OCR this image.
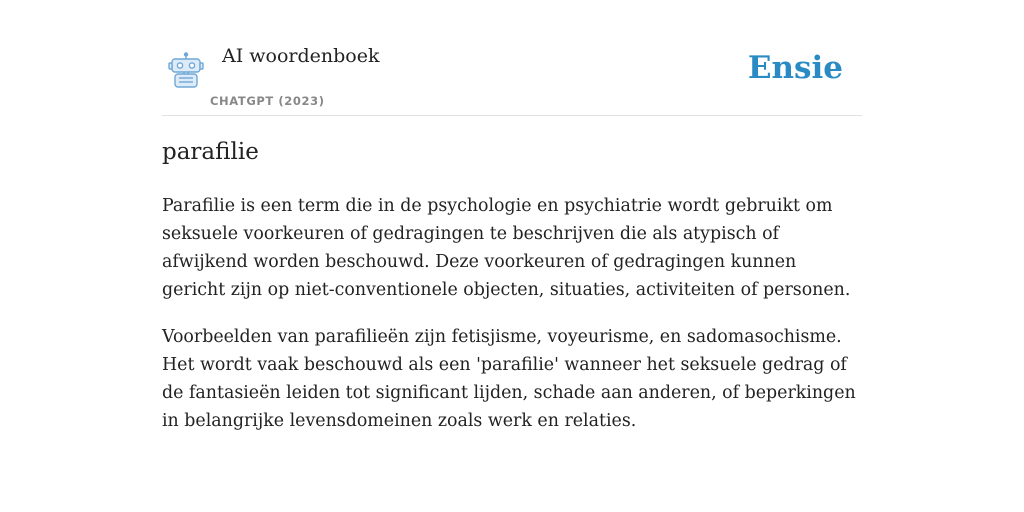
AI woordenboek
CHATGPT (2023)
Ensie
parafilie

Parafilie is een term die in de psychologie en psychiatrie wordt gebruikt om seksuele voorkeuren of gedragingen te beschrijven die als atypisch of afwijkend worden beschouwd. Deze voorkeuren of gedragingen kunnen gericht zijn op niet-conventionele objecten, situaties, activiteiten of personen.

Voorbeelden van parafilieën zijn fetisjisme, voyeurisme, en sadomasochisme. Het wordt vaak beschouwd als een 'parafilie' wanneer het seksuele gedrag of de fantasieën leiden tot significant lijden, schade aan anderen, of beperkingen in belangrijke levensdomeinen zoals werk en relaties.
